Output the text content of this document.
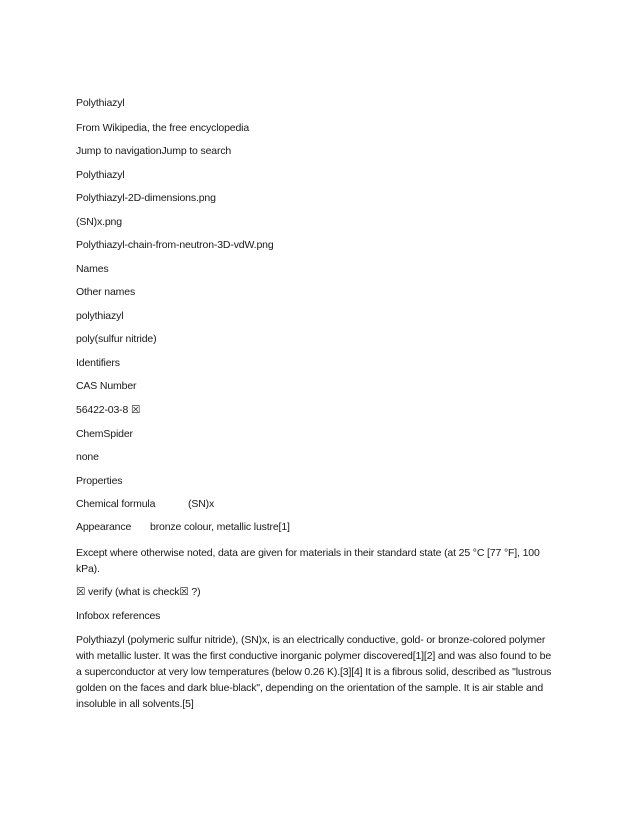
Polythiazyl
From Wikipedia, the free encyclopedia
Jump to navigationJump to search
Polythiazyl
Polythiazyl-2D-dimensions.png
(SN)x.png
Polythiazyl-chain-from-neutron-3D-vdW.png
Names
Other names
polythiazyl
poly(sulfur nitride)
Identifiers
CAS Number
56422-03-8 ☒
ChemSpider
none
Properties
Chemical formula	(SN)x
Appearance	bronze colour, metallic lustre[1]
Except where otherwise noted, data are given for materials in their standard state (at 25 °C [77 °F], 100 kPa).
☒ verify (what is check☒ ?)
Infobox references
Polythiazyl (polymeric sulfur nitride), (SN)x, is an electrically conductive, gold- or bronze-colored polymer with metallic luster. It was the first conductive inorganic polymer discovered[1][2] and was also found to be a superconductor at very low temperatures (below 0.26 K).[3][4] It is a fibrous solid, described as "lustrous golden on the faces and dark blue-black", depending on the orientation of the sample. It is air stable and insoluble in all solvents.[5]
